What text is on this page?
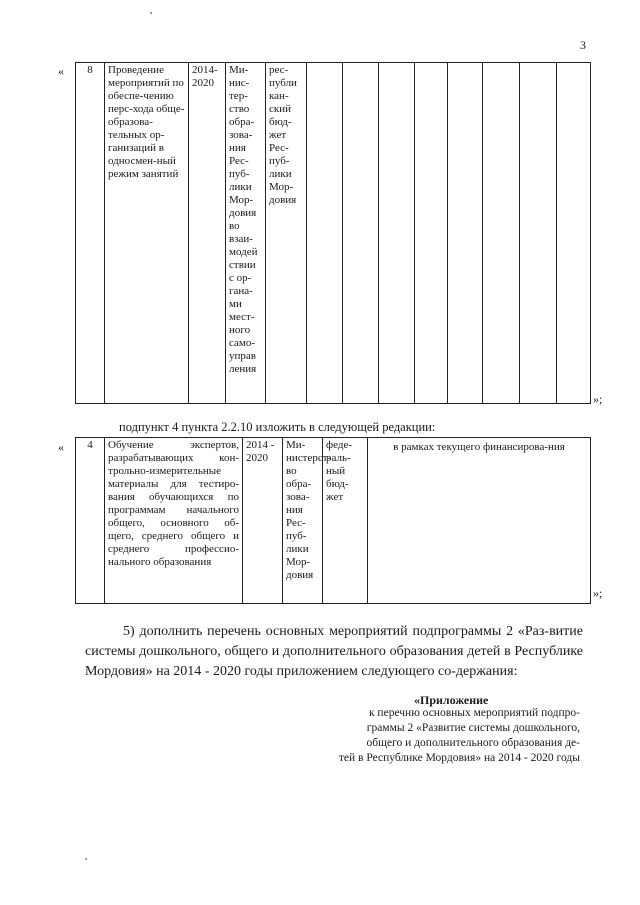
3
« 8	Проведение мероприятий по обеспе-чению перс-хода обще-образова-тельных ор-ганизаций в односмен-ный режим занятий	2014-2020	Ми-нис-тер-ство обра-зова-ния Рес-пуб-лики Мор-довия во взаи-модей ствии с ор-гана-ми мест-ного само-управ ления	рес-публи кан-ский бюд-жет Рес-пуб-лики Мор-довия								
»;
подпункт 4 пункта 2.2.10 изложить в следующей редакции:
« 4	Обучение экспертов, разрабатывающих кон-трольно-измерительные материалы для тестиро-вания обучающихся по программам начального общего, основного об-щего, среднего общего и среднего профессио-нального образования	2014 - 2020	Ми-нистерст-во обра-зова-ния Рес-пуб-лики Мор-довия	феде-раль-ный бюд-жет	в рамках текущего финансирова-ния
»;
5) дополнить перечень основных мероприятий подпрограммы 2 «Раз-витие системы дошкольного, общего и дополнительного образования детей в Республике Мордовия» на 2014 - 2020 годы приложением следующего со-держания:
«Приложение
к перечню основных мероприятий подпро-
граммы 2 «Развитие системы дошкольного,
общего и дополнительного образования де-
тей в Республике Мордовия» на 2014 - 2020 годы
